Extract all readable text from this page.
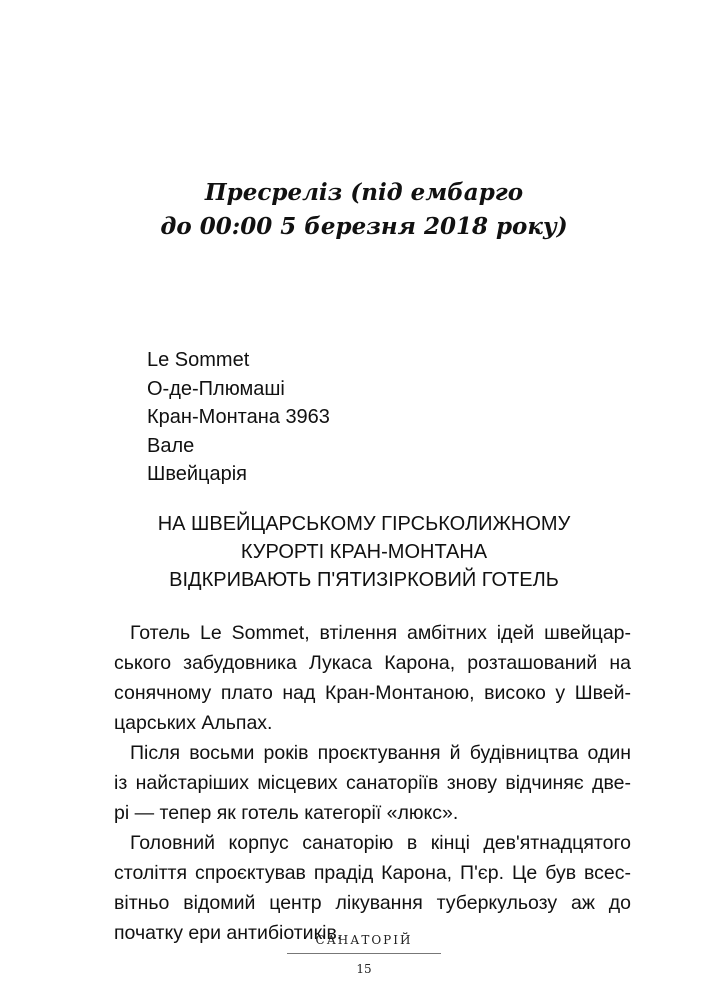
Пресреліз (під ембарго
до 00:00 5 березня 2018 року)
Le Sommet
О-де-Плюмаші
Кран-Монтана 3963
Вале
Швейцарія
НА ШВЕЙЦАРСЬКОМУ ГІРСЬКОЛИЖНОМУ
КУРОРТІ КРАН-МОНТАНА
ВІДКРИВАЮТЬ П'ЯТИЗІРКОВИЙ ГОТЕЛЬ

Готель Le Sommet, втілення амбітних ідей швейцар-
ського забудовника Лукаса Карона, розташований на
сонячному плато над Кран-Монтаною, високо у Швей-
царських Альпах.

Після восьми років проєктування й будівництва один
із найстаріших місцевих санаторіїв знову відчиняє две-
рі — тепер як готель категорії «люкс».

Головний корпус санаторію в кінці дев'ятнадцятого
століття спроєктував прадід Карона, П'єр. Це був всес-
вітньо відомий центр лікування туберкульозу аж до
початку ери антибіотиків.

САНАТОРІЙ
15
